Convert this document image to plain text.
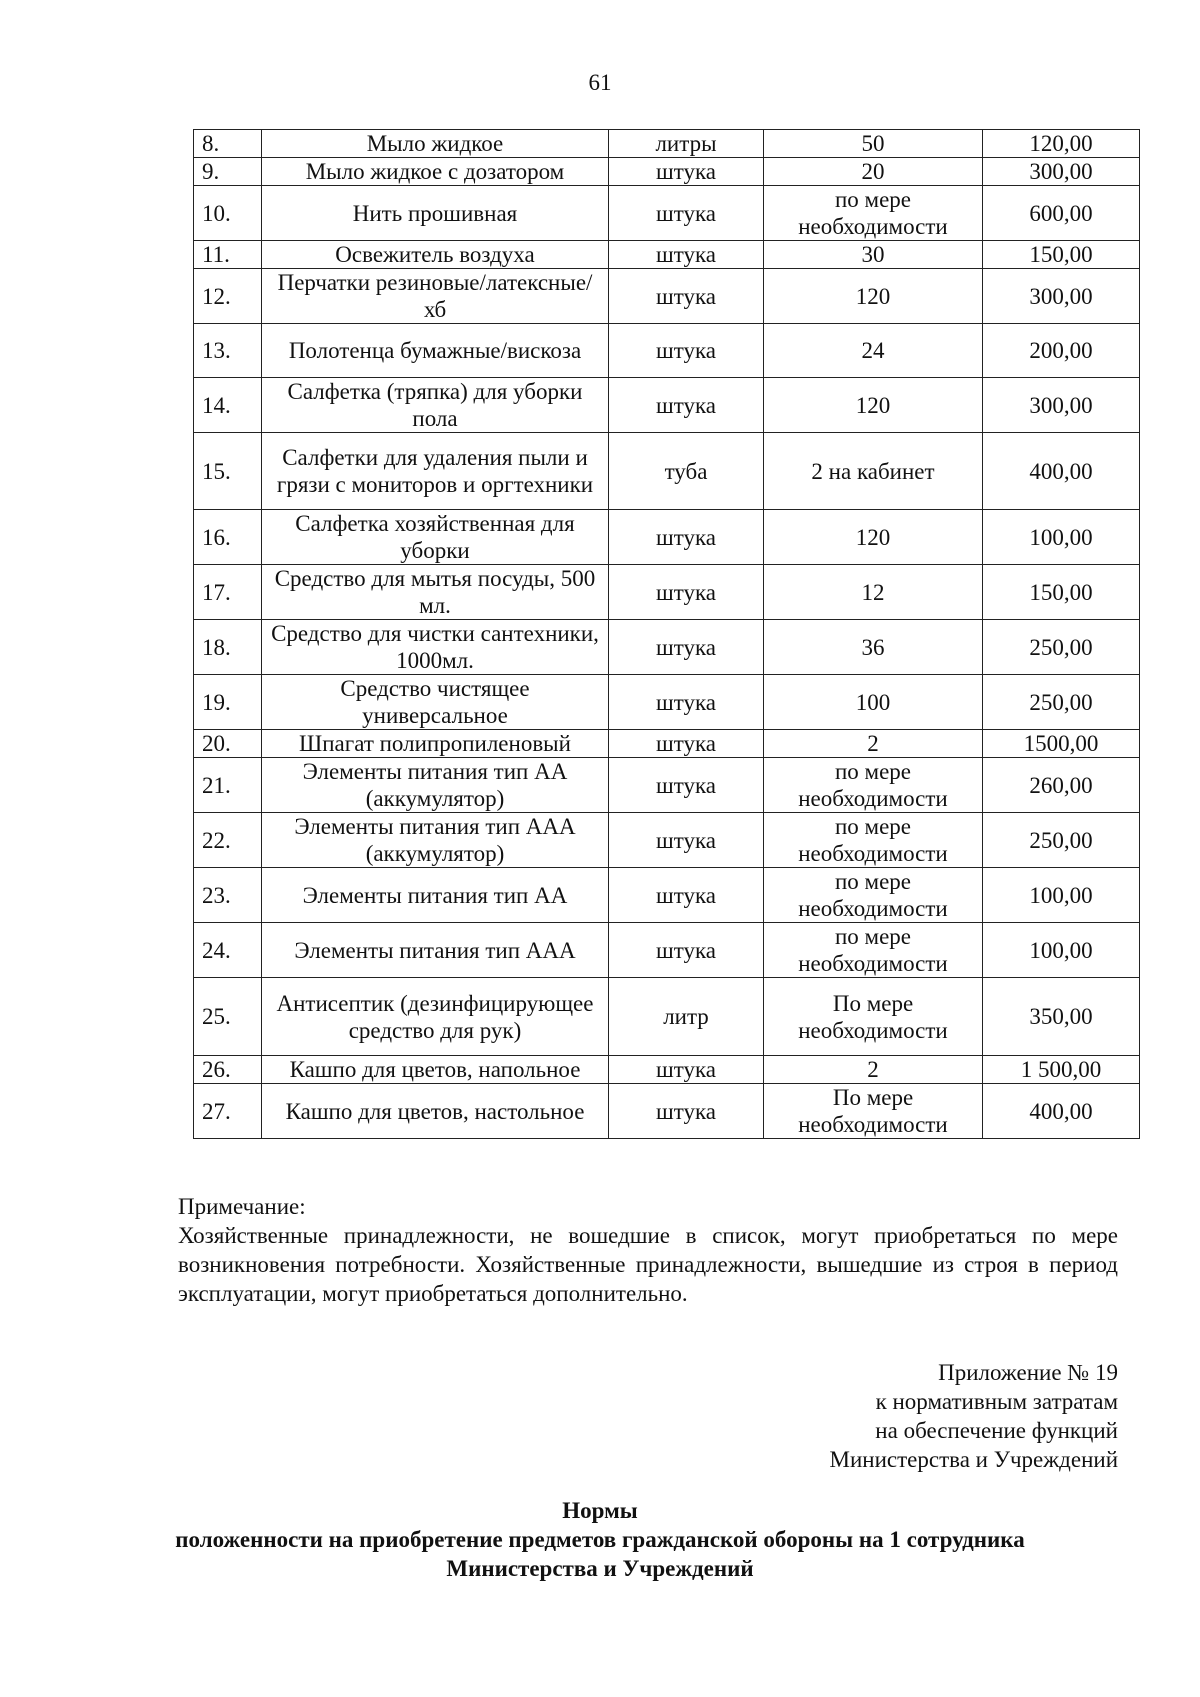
61
8.	Мыло жидкое	литры	50	120,00
9.	Мыло жидкое с дозатором	штука	20	300,00
10.	Нить прошивная	штука	по мере необходимости	600,00
11.	Освежитель воздуха	штука	30	150,00
12.	Перчатки резиновые/латексные/хб	штука	120	300,00
13.	Полотенца бумажные/вискоза	штука	24	200,00
14.	Салфетка (тряпка) для уборки пола	штука	120	300,00
15.	Салфетки для удаления пыли и грязи с мониторов и оргтехники	туба	2 на кабинет	400,00
16.	Салфетка хозяйственная для уборки	штука	120	100,00
17.	Средство для мытья посуды, 500 мл.	штука	12	150,00
18.	Средство для чистки сантехники, 1000мл.	штука	36	250,00
19.	Средство чистящее универсальное	штука	100	250,00
20.	Шпагат полипропиленовый	штука	2	1500,00
21.	Элементы питания тип АА (аккумулятор)	штука	по мере необходимости	260,00
22.	Элементы питания тип ААА (аккумулятор)	штука	по мере необходимости	250,00
23.	Элементы питания тип АА	штука	по мере необходимости	100,00
24.	Элементы питания тип ААА	штука	по мере необходимости	100,00
25.	Антисептик (дезинфицирующее средство для рук)	литр	По мере необходимости	350,00
26.	Кашпо для цветов, напольное	штука	2	1 500,00
27.	Кашпо для цветов, настольное	штука	По мере необходимости	400,00
Примечание:
Хозяйственные принадлежности, не вошедшие в список, могут приобретаться по мере возникновения потребности. Хозяйственные принадлежности, вышедшие из строя в период эксплуатации, могут приобретаться дополнительно.
Приложение № 19
к нормативным затратам
на обеспечение функций
Министерства и Учреждений
Нормы
положенности на приобретение предметов гражданской обороны на 1 сотрудника
Министерства и Учреждений
